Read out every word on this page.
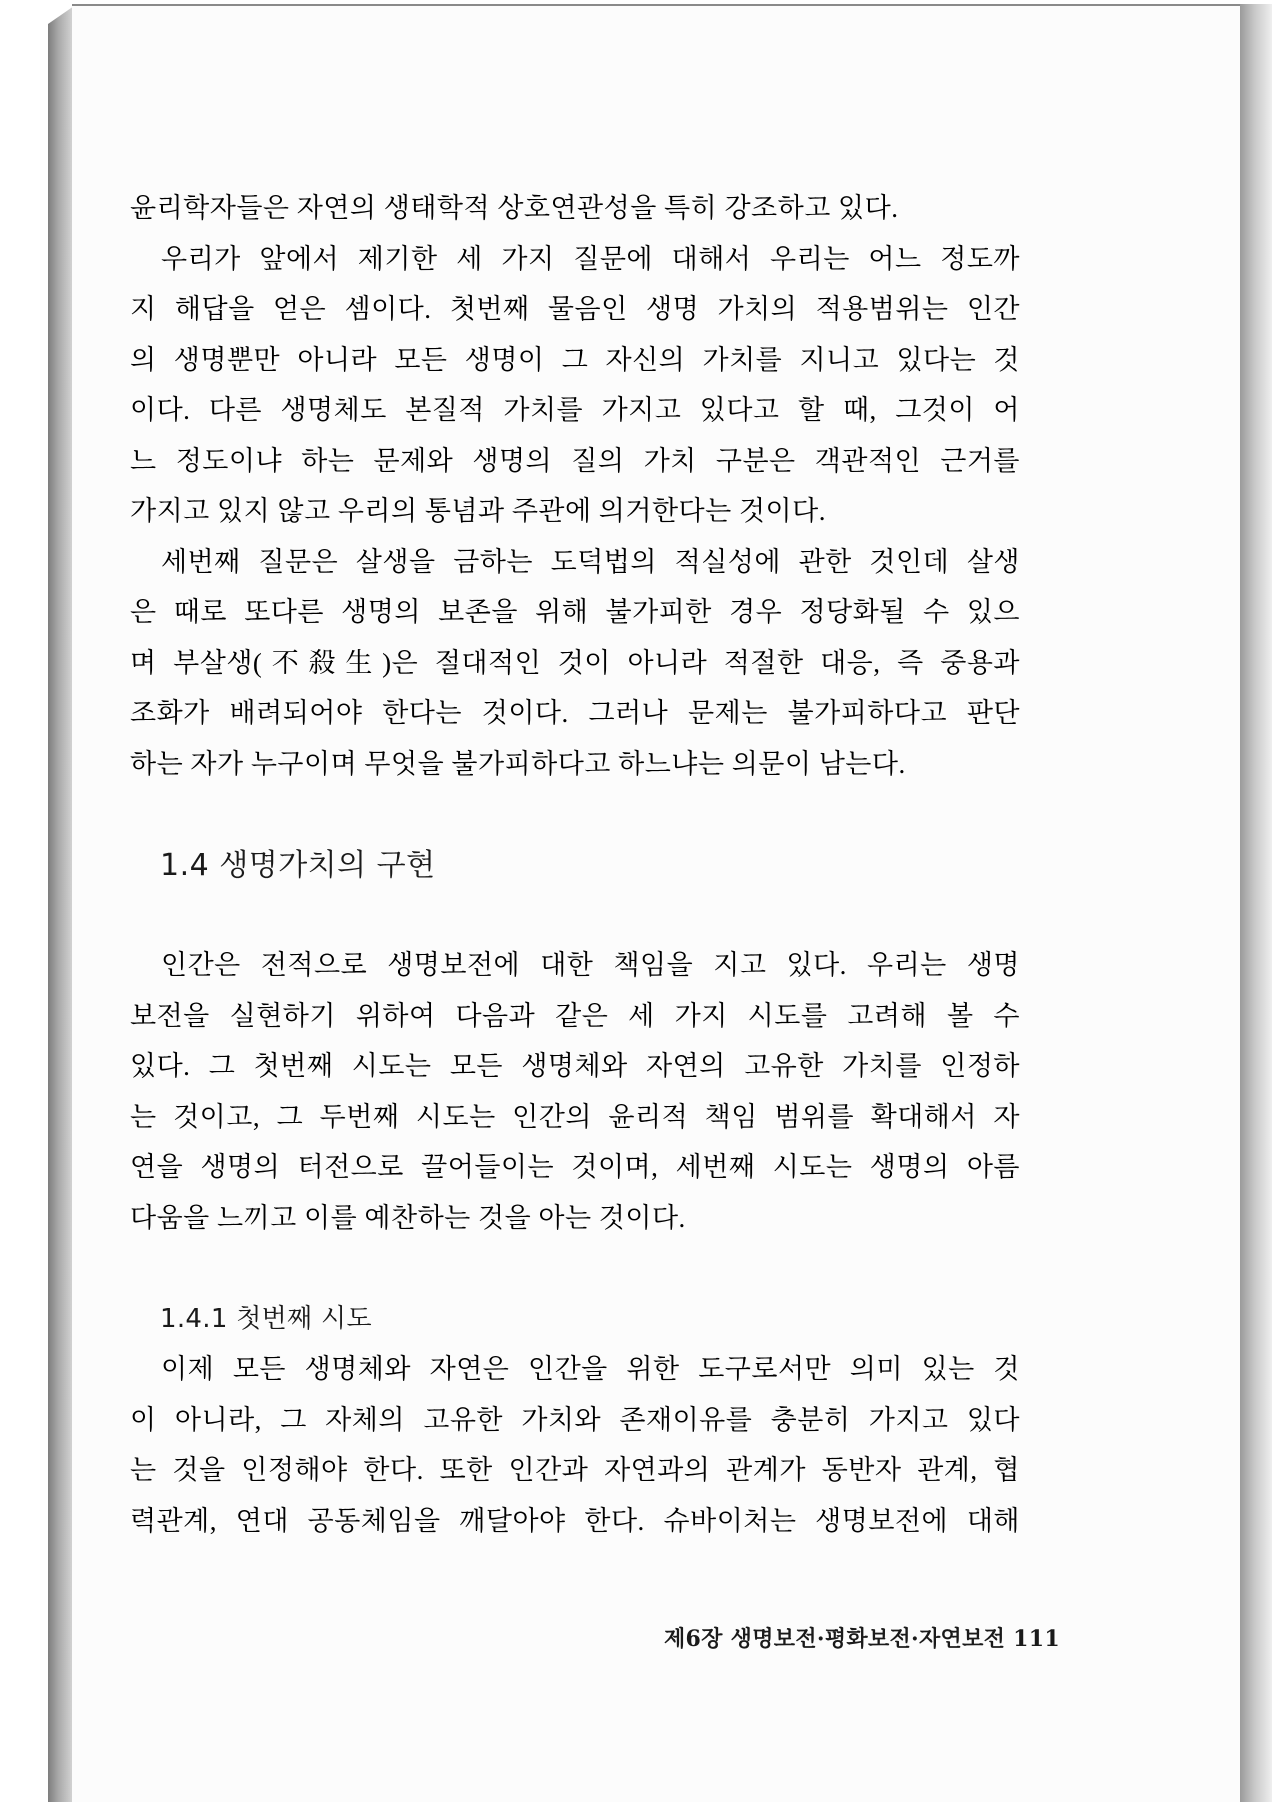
윤리학자들은 자연의 생태학적 상호연관성을 특히 강조하고 있다.

우리가 앞에서 제기한 세 가지 질문에 대해서 우리는 어느 정도까
지 해답을 얻은 셈이다. 첫번째 물음인 생명 가치의 적용범위는 인간
의 생명뿐만 아니라 모든 생명이 그 자신의 가치를 지니고 있다는 것
이다. 다른 생명체도 본질적 가치를 가지고 있다고 할 때, 그것이 어
느 정도이냐 하는 문제와 생명의 질의 가치 구분은 객관적인 근거를
가지고 있지 않고 우리의 통념과 주관에 의거한다는 것이다.

세번째 질문은 살생을 금하는 도덕법의 적실성에 관한 것인데 살생
은 때로 또다른 생명의 보존을 위해 불가피한 경우 정당화될 수 있으
며 부살생(不殺生)은 절대적인 것이 아니라 적절한 대응, 즉 중용과
조화가 배려되어야 한다는 것이다. 그러나 문제는 불가피하다고 판단
하는 자가 누구이며 무엇을 불가피하다고 하느냐는 의문이 남는다.

1.4 생명가치의 구현

인간은 전적으로 생명보전에 대한 책임을 지고 있다. 우리는 생명
보전을 실현하기 위하여 다음과 같은 세 가지 시도를 고려해 볼 수
있다. 그 첫번째 시도는 모든 생명체와 자연의 고유한 가치를 인정하
는 것이고, 그 두번째 시도는 인간의 윤리적 책임 범위를 확대해서 자
연을 생명의 터전으로 끌어들이는 것이며, 세번째 시도는 생명의 아름
다움을 느끼고 이를 예찬하는 것을 아는 것이다.

1.4.1 첫번째 시도

이제 모든 생명체와 자연은 인간을 위한 도구로서만 의미 있는 것
이 아니라, 그 자체의 고유한 가치와 존재이유를 충분히 가지고 있다
는 것을 인정해야 한다. 또한 인간과 자연과의 관계가 동반자 관계, 협
력관계, 연대 공동체임을 깨달아야 한다. 슈바이처는 생명보전에 대해

제6장 생명보전·평화보전·자연보전 111
